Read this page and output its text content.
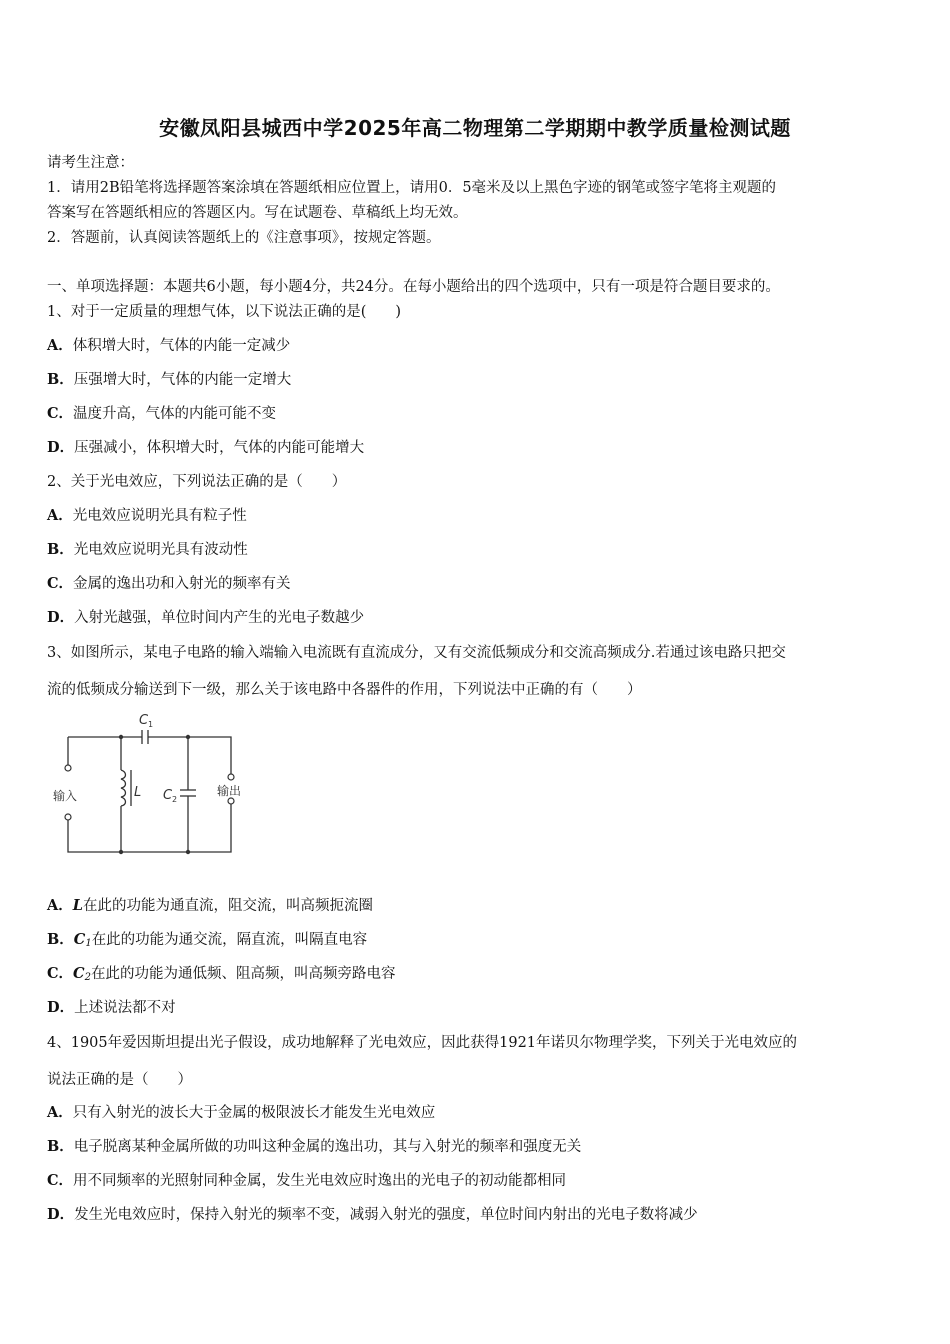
安徽凤阳县城西中学2025年高二物理第二学期期中教学质量检测试题
请考生注意：
1．请用2B铅笔将选择题答案涂填在答题纸相应位置上，请用0．5毫米及以上黑色字迹的钢笔或签字笔将主观题的
答案写在答题纸相应的答题区内。写在试题卷、草稿纸上均无效。
2．答题前，认真阅读答题纸上的《注意事项》，按规定答题。
一、单项选择题：本题共6小题，每小题4分，共24分。在每小题给出的四个选项中，只有一项是符合题目要求的。
1、对于一定质量的理想气体，以下说法正确的是(　　)
A．体积增大时，气体的内能一定减少
B．压强增大时，气体的内能一定增大
C．温度升高，气体的内能可能不变
D．压强减小，体积增大时，气体的内能可能增大
2、关于光电效应，下列说法正确的是（　　）
A．光电效应说明光具有粒子性
B．光电效应说明光具有波动性
C．金属的逸出功和入射光的频率有关
D．入射光越强，单位时间内产生的光电子数越少
3、如图所示，某电子电路的输入端输入电流既有直流成分，又有交流低频成分和交流高频成分.若通过该电路只把交
流的低频成分输送到下一级，那么关于该电路中各器件的作用，下列说法中正确的有（　　）
C 1
L C 2
输入	输出
A．L在此的功能为通直流，阻交流，叫高频扼流圈
B．$C_1$在此的功能为通交流，隔直流，叫隔直电容
C．$C_2$在此的功能为通低频、阻高频，叫高频旁路电容
D．上述说法都不对
4、1905年爱因斯坦提出光子假设，成功地解释了光电效应，因此获得1921年诺贝尔物理学奖，下列关于光电效应的
说法正确的是（　　）
A．只有入射光的波长大于金属的极限波长才能发生光电效应
B．电子脱离某种金属所做的功叫这种金属的逸出功，其与入射光的频率和强度无关
C．用不同频率的光照射同种金属，发生光电效应时逸出的光电子的初动能都相同
D．发生光电效应时，保持入射光的频率不变，减弱入射光的强度，单位时间内射出的光电子数将减少
